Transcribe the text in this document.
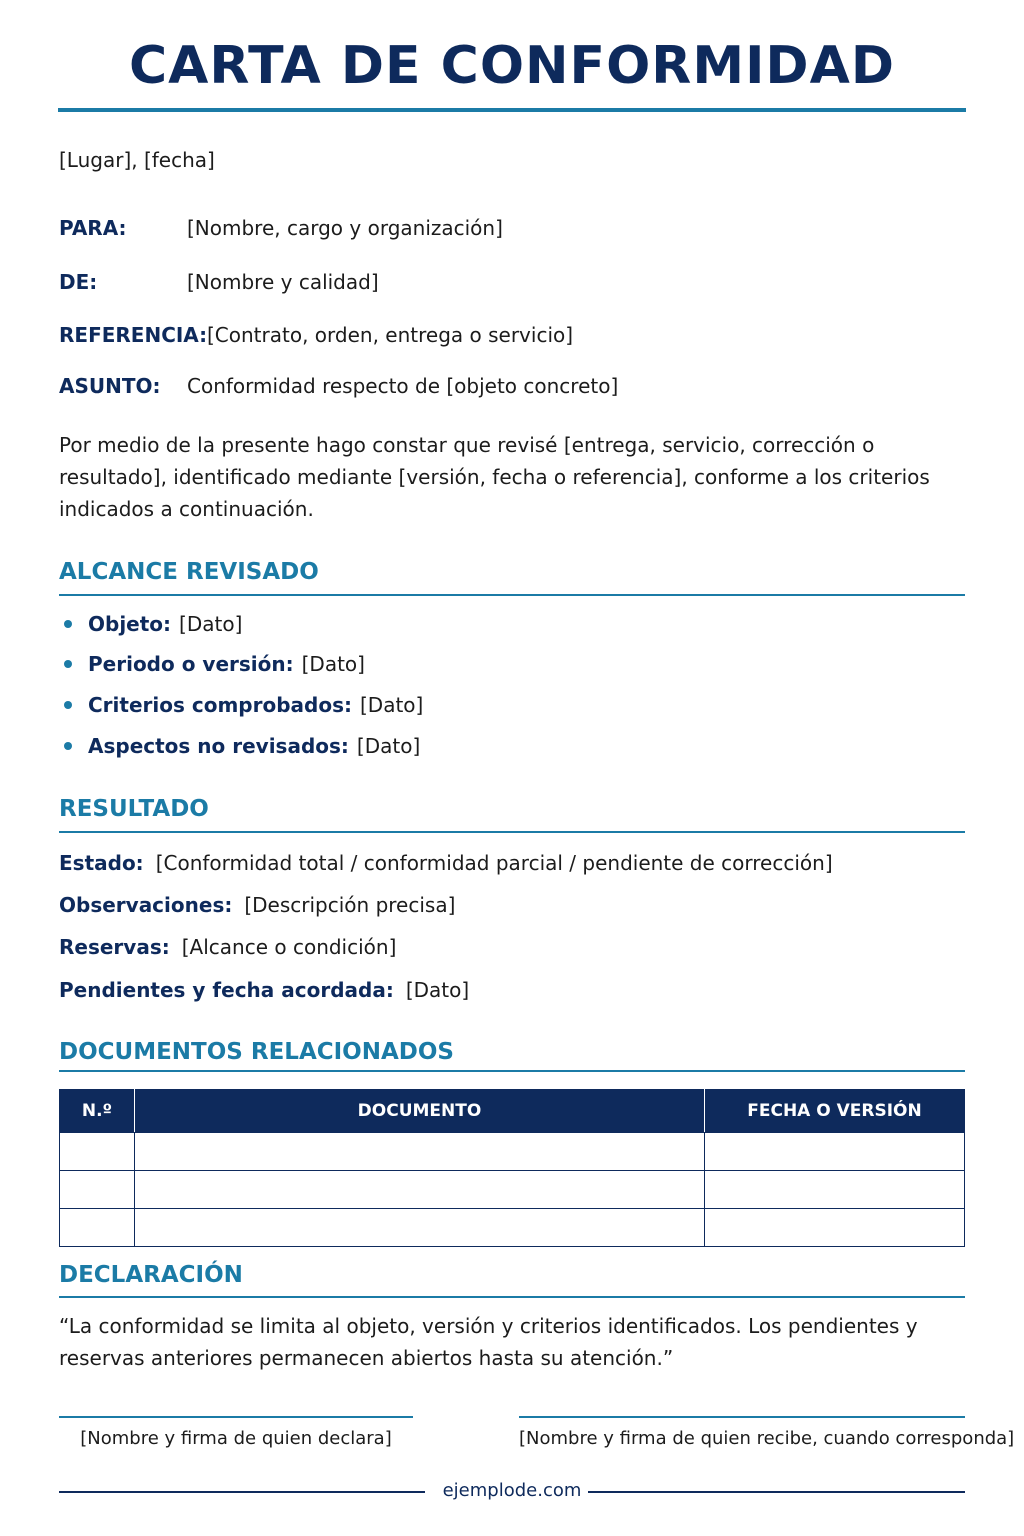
CARTA DE CONFORMIDAD
[Lugar], [fecha]
PARA:	[Nombre, cargo y organización]
DE:	[Nombre y calidad]
REFERENCIA: [Contrato, orden, entrega o servicio]
ASUNTO: Conformidad respecto de [objeto concreto]
Por medio de la presente hago constar que revisé [entrega, servicio, corrección o resultado], identificado mediante [versión, fecha o referencia], conforme a los criterios indicados a continuación.
ALCANCE REVISADO
Objeto: [Dato]
Periodo o versión: [Dato]
Criterios comprobados: [Dato]
Aspectos no revisados: [Dato]
RESULTADO
Estado: [Conformidad total / conformidad parcial / pendiente de corrección]
Observaciones: [Descripción precisa]
Reservas: [Alcance o condición]
Pendientes y fecha acordada: [Dato]
DOCUMENTOS RELACIONADOS
N.º	DOCUMENTO	FECHA O VERSIÓN

DECLARACIÓN
“La conformidad se limita al objeto, versión y criterios identificados. Los pendientes y reservas anteriores permanecen abiertos hasta su atención.”
[Nombre y firma de quien declara]	[Nombre y firma de quien recibe, cuando corresponda]
ejemplode.com
